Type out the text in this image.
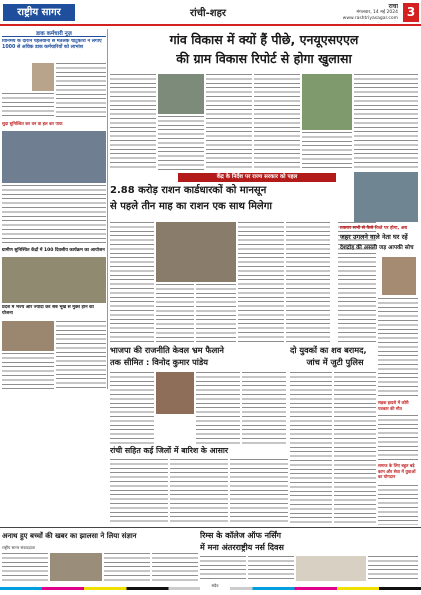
राष्ट्रीय सागर	रांची-शहर
रांची
मंगलवार, 14 मई 2024
www.rashtriyasagar.com 3
डाक कर्मचारी नूज़
विनिमय के दौरान पहलवानों से मतलक चाटुकारों ने लगाए 1000 से अधिक डाक कर्मचारियों को लाभांश
सुदा सुनिश्चित कर वन वा हल कर पाया
ग्रामीण सुनिश्चित केंद्रों में 100 दिवसीय कार्यक्रम का आयोजन
प्रदेश में भज्य और ज्यादा कर सब भूखे से मुक्त होने की योजना
गांव विकास में क्यों हैं पीछे, एनयूएसएएल
की ग्राम विकास रिपोर्ट से होगा खुलासा
केंद्र के निर्देश पर राज्य सरकार को पहल
2.88 करोड़ राशन कार्डधारकों को मानसून
से पहले तीन माह का राशन एक साथ मिलेगा
भाजपा की राजनीति केवल भ्रम फैलाने
तक सीमित : विनोद कुमार पांडेय
रांची सहित कई जिलों में बारिश के आसार
तकरार सभी से फैसे रिश्ते पर होगा, अब
जहर उगलने वाले नेता घर रहें
देशद्रोह की असली जड़ आपकी सोच
दो युवकों का शव बरामद,
जांच में जुटी पुलिस
सड़क हादसे में कोरी पत्रकार की मौत
समाज के लिए बहुत बड़े काम और सेवा में युवाओं का योगदान
अनाथ हुए बच्चों की खबर का झालसा ने लिया संज्ञान	रिम्स के कॉलेज ऑफ नर्सिंग
में मना अंतरराष्ट्रीय नर्स दिवस
राष्ट्रीय सागर संवाददाता
सदैव
